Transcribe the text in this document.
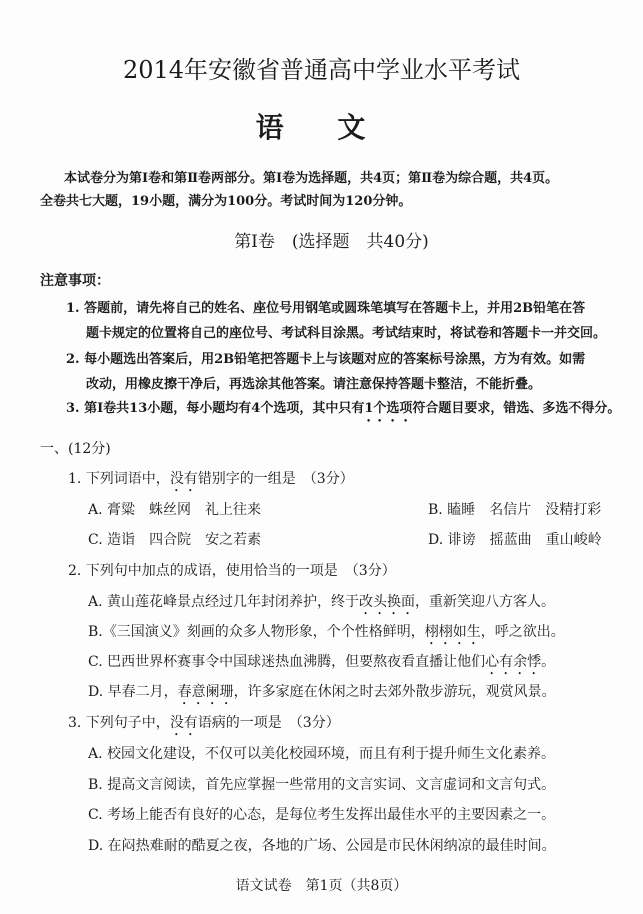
2014年安徽省普通高中学业水平考试
语 文
本试卷分为第Ⅰ卷和第Ⅱ卷两部分。第Ⅰ卷为选择题，共4页；第Ⅱ卷为综合题，共4页。
全卷共七大题，19小题，满分为100分。考试时间为120分钟。
第Ⅰ卷　(选择题　共40分)
注意事项：
1. 答题前，请先将自己的姓名、座位号用钢笔或圆珠笔填写在答题卡上，并用2B铅笔在答
题卡规定的位置将自己的座位号、考试科目涂黑。考试结束时，将试卷和答题卡一并交回。
2. 每小题选出答案后，用2B铅笔把答题卡上与该题对应的答案标号涂黑，方为有效。如需
改动，用橡皮擦干净后，再选涂其他答案。请注意保持答题卡整洁，不能折叠。
3. 第Ⅰ卷共13小题，每小题均有4个选项，其中只有1个选项符合题目要求，错选、多选不得分。
一、(12分)
1. 下列词语中，没有错别字的一组是　（3分）
A. 膏粱　蛛丝网　礼上往来	B. 瞌睡　名信片　没精打彩
C. 造诣　四合院　安之若素	D. 诽谤　摇蓝曲　重山峻岭
2. 下列句中加点的成语，使用恰当的一项是　（3分）
A. 黄山莲花峰景点经过几年封闭养护，终于改头换面，重新笑迎八方客人。
B.《三国演义》刻画的众多人物形象，个个性格鲜明，栩栩如生，呼之欲出。
C. 巴西世界杯赛事令中国球迷热血沸腾，但要熬夜看直播让他们心有余悸。
D. 早春二月，春意阑珊，许多家庭在休闲之时去郊外散步游玩，观赏风景。
3. 下列句子中，没有语病的一项是　（3分）
A. 校园文化建设，不仅可以美化校园环境，而且有利于提升师生文化素养。
B. 提高文言阅读，首先应掌握一些常用的文言实词、文言虚词和文言句式。
C. 考场上能否有良好的心态，是每位考生发挥出最佳水平的主要因素之一。
D. 在闷热难耐的酷夏之夜，各地的广场、公园是市民休闲纳凉的最佳时间。
语文试卷　第1页（共8页）
